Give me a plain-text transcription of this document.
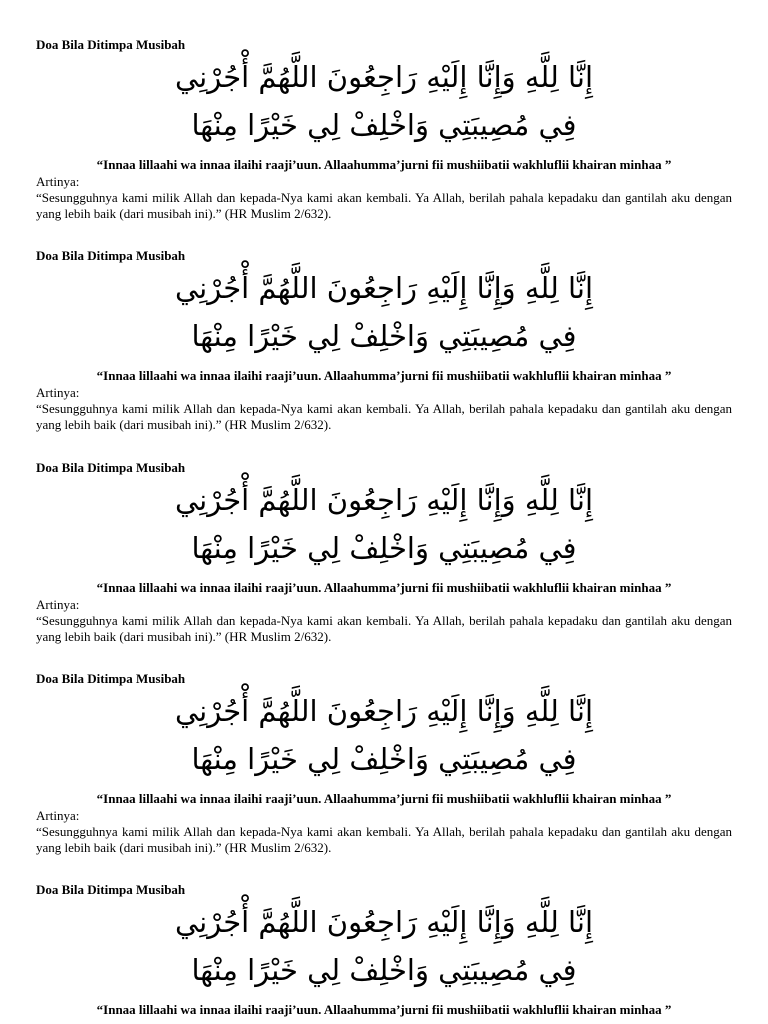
Doa Bila Ditimpa Musibah
إِنَّا لِلَّهِ وَإِنَّا إِلَيْهِ رَاجِعُونَ اللَّهُمَّ أْجُرْنِي
فِي مُصِيبَتِي وَاخْلِفْ لِي خَيْرًا مِنْهَا
“Innaa lillaahi wa innaa ilaihi raaji’uun. Allaahumma’jurni fii mushiibatii wakhluflii khairan minhaa ”
Artinya:
“Sesungguhnya kami milik Allah dan kepada-Nya kami akan kembali. Ya Allah, berilah pahala kepadaku dan gantilah aku dengan yang lebih baik (dari musibah ini).” (HR Muslim 2/632).
Doa Bila Ditimpa Musibah
إِنَّا لِلَّهِ وَإِنَّا إِلَيْهِ رَاجِعُونَ اللَّهُمَّ أْجُرْنِي
فِي مُصِيبَتِي وَاخْلِفْ لِي خَيْرًا مِنْهَا
“Innaa lillaahi wa innaa ilaihi raaji’uun. Allaahumma’jurni fii mushiibatii wakhluflii khairan minhaa ”
Artinya:
“Sesungguhnya kami milik Allah dan kepada-Nya kami akan kembali. Ya Allah, berilah pahala kepadaku dan gantilah aku dengan yang lebih baik (dari musibah ini).” (HR Muslim 2/632).
Doa Bila Ditimpa Musibah
إِنَّا لِلَّهِ وَإِنَّا إِلَيْهِ رَاجِعُونَ اللَّهُمَّ أْجُرْنِي
فِي مُصِيبَتِي وَاخْلِفْ لِي خَيْرًا مِنْهَا
“Innaa lillaahi wa innaa ilaihi raaji’uun. Allaahumma’jurni fii mushiibatii wakhluflii khairan minhaa ”
Artinya:
“Sesungguhnya kami milik Allah dan kepada-Nya kami akan kembali. Ya Allah, berilah pahala kepadaku dan gantilah aku dengan yang lebih baik (dari musibah ini).” (HR Muslim 2/632).
Doa Bila Ditimpa Musibah
إِنَّا لِلَّهِ وَإِنَّا إِلَيْهِ رَاجِعُونَ اللَّهُمَّ أْجُرْنِي
فِي مُصِيبَتِي وَاخْلِفْ لِي خَيْرًا مِنْهَا
“Innaa lillaahi wa innaa ilaihi raaji’uun. Allaahumma’jurni fii mushiibatii wakhluflii khairan minhaa ”
Artinya:
“Sesungguhnya kami milik Allah dan kepada-Nya kami akan kembali. Ya Allah, berilah pahala kepadaku dan gantilah aku dengan yang lebih baik (dari musibah ini).” (HR Muslim 2/632).
Doa Bila Ditimpa Musibah
إِنَّا لِلَّهِ وَإِنَّا إِلَيْهِ رَاجِعُونَ اللَّهُمَّ أْجُرْنِي
فِي مُصِيبَتِي وَاخْلِفْ لِي خَيْرًا مِنْهَا
“Innaa lillaahi wa innaa ilaihi raaji’uun. Allaahumma’jurni fii mushiibatii wakhluflii khairan minhaa ”
